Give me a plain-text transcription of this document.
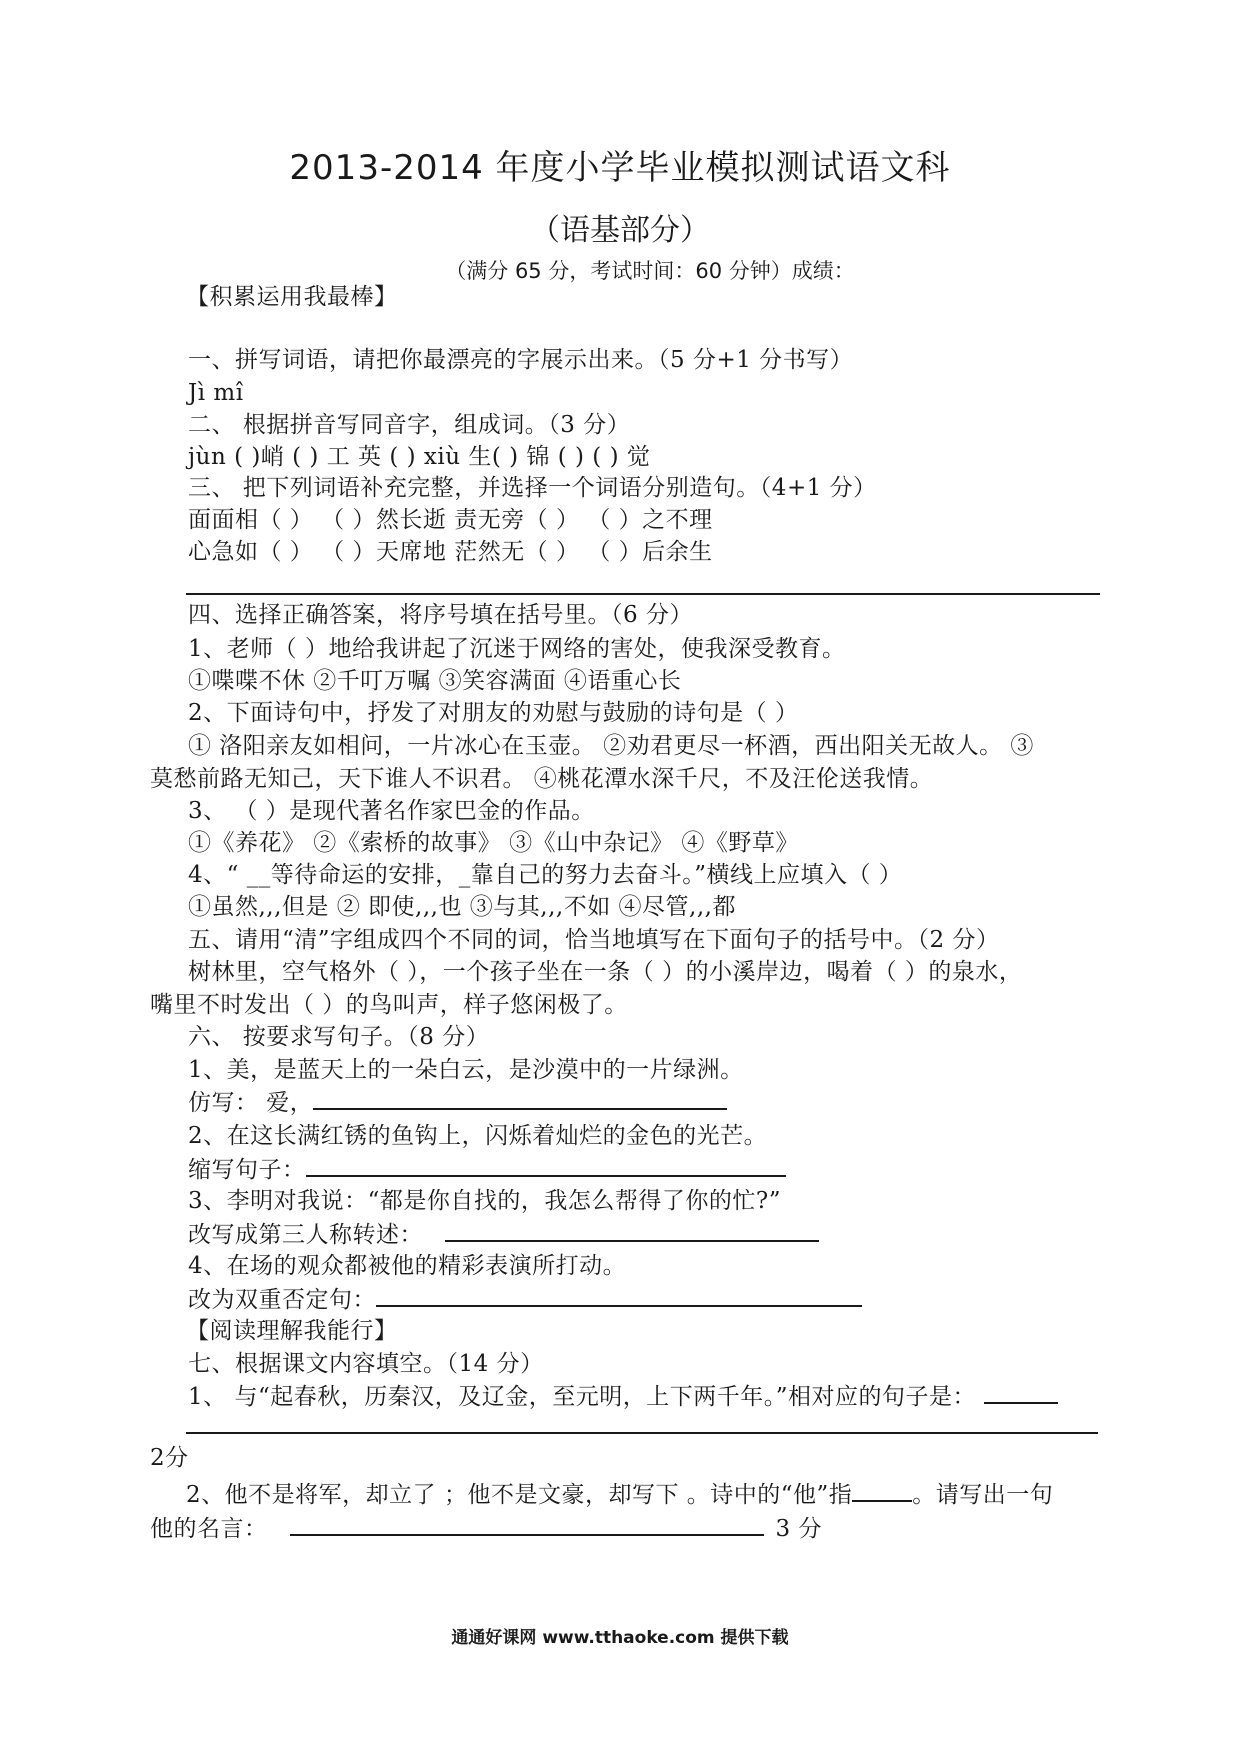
2013-2014 年度小学毕业模拟测试语文科
（语基部分）
（满分 65 分，考试时间：60 分钟）成绩：
【积累运用我最棒】
一、拼写词语，请把你最漂亮的字展示出来。（5 分+1 分书写）
Jì mî
二、 根据拼音写同音字，组成词。（3 分）
jùn ( )峭 ( ) 工 英 ( ) xiù 生( ) 锦 ( ) ( ) 觉
三、 把下列词语补充完整，并选择一个词语分别造句。（4+1 分）
面面相（ ） （ ）然长逝 责无旁（ ） （ ）之不理
心急如（ ） （ ）天席地 茫然无（ ） （ ）后余生
四、选择正确答案，将序号填在括号里。（6 分）
1、老师（ ）地给我讲起了沉迷于网络的害处，使我深受教育。
①喋喋不休 ②千叮万嘱 ③笑容满面 ④语重心长
2、下面诗句中，抒发了对朋友的劝慰与鼓励的诗句是（ ）
① 洛阳亲友如相问，一片冰心在玉壶。 ②劝君更尽一杯酒，西出阳关无故人。 ③
莫愁前路无知己，天下谁人不识君。 ④桃花潭水深千尺，不及汪伦送我情。
3、 （ ）是现代著名作家巴金的作品。
①《养花》 ②《索桥的故事》 ③《山中杂记》 ④《野草》
4、“ __等待命运的安排，_靠自己的努力去奋斗。”横线上应填入（ ）
①虽然,,,但是 ② 即使,,,也 ③与其,,,不如 ④尽管,,,都
五、请用“清”字组成四个不同的词，恰当地填写在下面句子的括号中。（2 分）
树林里，空气格外（ ），一个孩子坐在一条（ ）的小溪岸边，喝着（ ）的泉水，
嘴里不时发出（ ）的鸟叫声，样子悠闲极了。
六、 按要求写句子。（8 分）
1、美，是蓝天上的一朵白云，是沙漠中的一片绿洲。
仿写： 爱，
2、在这长满红锈的鱼钩上，闪烁着灿烂的金色的光芒。
缩写句子：
3、李明对我说：“都是你自找的，我怎么帮得了你的忙?”
改写成第三人称转述：
4、在场的观众都被他的精彩表演所打动。
改为双重否定句：
【阅读理解我能行】
七、根据课文内容填空。（14 分）
1、 与“起春秋，历秦汉，及辽金，至元明，上下两千年。”相对应的句子是：
2分
2、他不是将军，却立了 ；他不是文豪，却写下 。诗中的“他”指	。请写出一句
他的名言：	3 分
通通好课网 www.tthaoke.com 提供下载
